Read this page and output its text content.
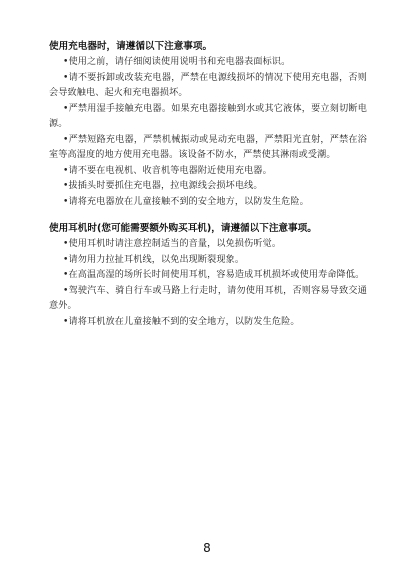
使用充电器时，请遵循以下注意事项。

•使用之前，请仔细阅读使用说明书和充电器表面标识。

•请不要拆卸或改装充电器，严禁在电源线损坏的情况下使用充电器，否则会导致触电、起火和充电器损坏。

•严禁用湿手接触充电器。如果充电器接触到水或其它液体，要立刻切断电源。

•严禁短路充电器，严禁机械振动或晃动充电器，严禁阳光直射，严禁在浴室等高湿度的地方使用充电器。该设备不防水，严禁使其淋雨或受潮。

•请不要在电视机、收音机等电器附近使用充电器。

•拔插头时要抓住充电器，拉电源线会损坏电线。

•请将充电器放在儿童接触不到的安全地方，以防发生危险。

使用耳机时(您可能需要额外购买耳机)，请遵循以下注意事项。

•使用耳机时请注意控制适当的音量，以免损伤听觉。

•请勿用力拉扯耳机线，以免出现断裂现象。

•在高温高湿的场所长时间使用耳机，容易造成耳机损坏或使用寿命降低。

•驾驶汽车、骑自行车或马路上行走时，请勿使用耳机，否则容易导致交通意外。

•请将耳机放在儿童接触不到的安全地方，以防发生危险。

8
